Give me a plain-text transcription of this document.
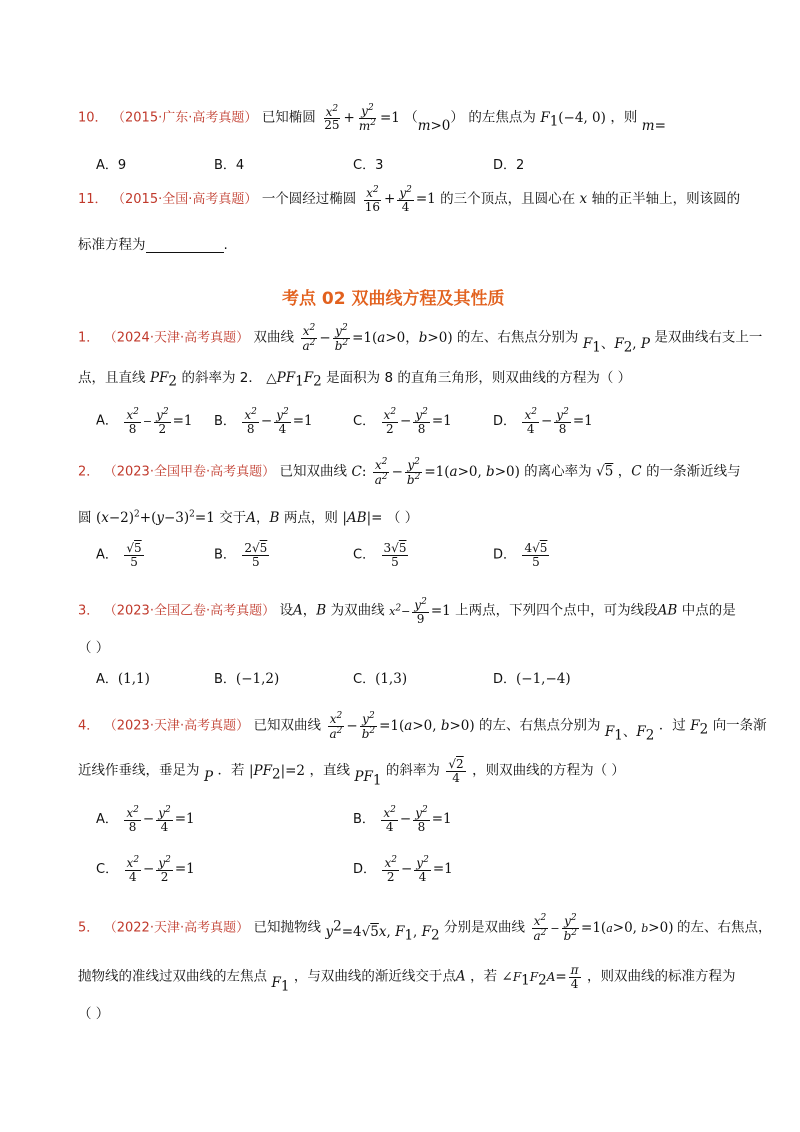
10． （2015·广东·高考真题） 已知椭圆 $\frac{x^2}{25} + \frac{y^2}{m^2} =1$ （m>0） 的左焦点为 $F_1(-4$, 0) ，则 m=
A．9	B．4	C．3	D．2
11． （2015·全国·高考真题） 一个圆经过椭圆 $\frac{x^2}{16} + \frac{y^2}{4} =1$ 的三个顶点，且圆心在 x 轴的正半轴上，则该圆的
标准方程为	.
考点 02 双曲线方程及其性质
1． （2024·天津·高考真题） 双曲线 $\frac{x^2}{a^2} - \frac{y^2}{b^2} =1(a>0$，b>0) 的左、右焦点分别为 $F_1$、$F_2$, P 是双曲线右支上一
点，且直线 $PF_2$ 的斜率为 2． $\triangle PF_1F_2$ 是面积为 8 的直角三角形，则双曲线的方程为（ ）
A． $\frac{x^2}{8} - \frac{y^2}{2} =1$ B． $\frac{x^2}{8} - \frac{y^2}{4} =1$	C． $\frac{x^2}{2} - \frac{y^2}{8} =1$	D． $\frac{x^2}{4} - \frac{y^2}{8} =1$
2． （2023·全国甲卷·高考真题） 已知双曲线 C: $\frac{x^2}{a^2} - \frac{y^2}{b^2} =1(a>0$, b>0) 的离心率为 √5 ，C 的一条渐近线与
圆 $(x-2)^2+(y-3)^2=1$ 交于A，B 两点，则 |AB|= （ ）
A． $\frac{√5}{5}$	B． $\frac{2√5}{5}$	C． $\frac{3√5}{5}$	D． $\frac{4√5}{5}$
3． （2023·全国乙卷·高考真题） 设A，B 为双曲线 $x^2- \frac{y^2}{9} =1$ 上两点，下列四个点中，可为线段AB 中点的是
（ ）
A．(1,1)	B．(−1,2)	C．(1,3)	D．(−1,−4)
4． （2023·天津·高考真题） 已知双曲线 $\frac{x^2}{a^2} - \frac{y^2}{b^2} =1(a>0$, b>0) 的左、右焦点分别为 $F_1$、$F_2$ ．过 $F_2$ 向一条渐
近线作垂线，垂足为 P ．若 $|PF_2|=2$ ，直线 $PF_1$ 的斜率为 $\frac{√2}{4}$ ，则双曲线的方程为（ ）
A． $\frac{x^2}{8} - \frac{y^2}{4} =1$	B． $\frac{x^2}{4} - \frac{y^2}{8} =1$
C． $\frac{x^2}{4} - \frac{y^2}{2} =1$	D． $\frac{x^2}{2} - \frac{y^2}{4} =1$
5． （2022·天津·高考真题） 已知抛物线 $y^2=4√5x$, $F_1$, $F_2$ 分别是双曲线 $\frac{x^2}{a^2} - \frac{y^2}{b^2} =1(a>0$, b>0) 的左、右焦点，
抛物线的准线过双曲线的左焦点 $F_1$ ，与双曲线的渐近线交于点A ，若 $\angle F_1F_2A= \frac{\pi}{4}$ ，则双曲线的标准方程为
（ ）
